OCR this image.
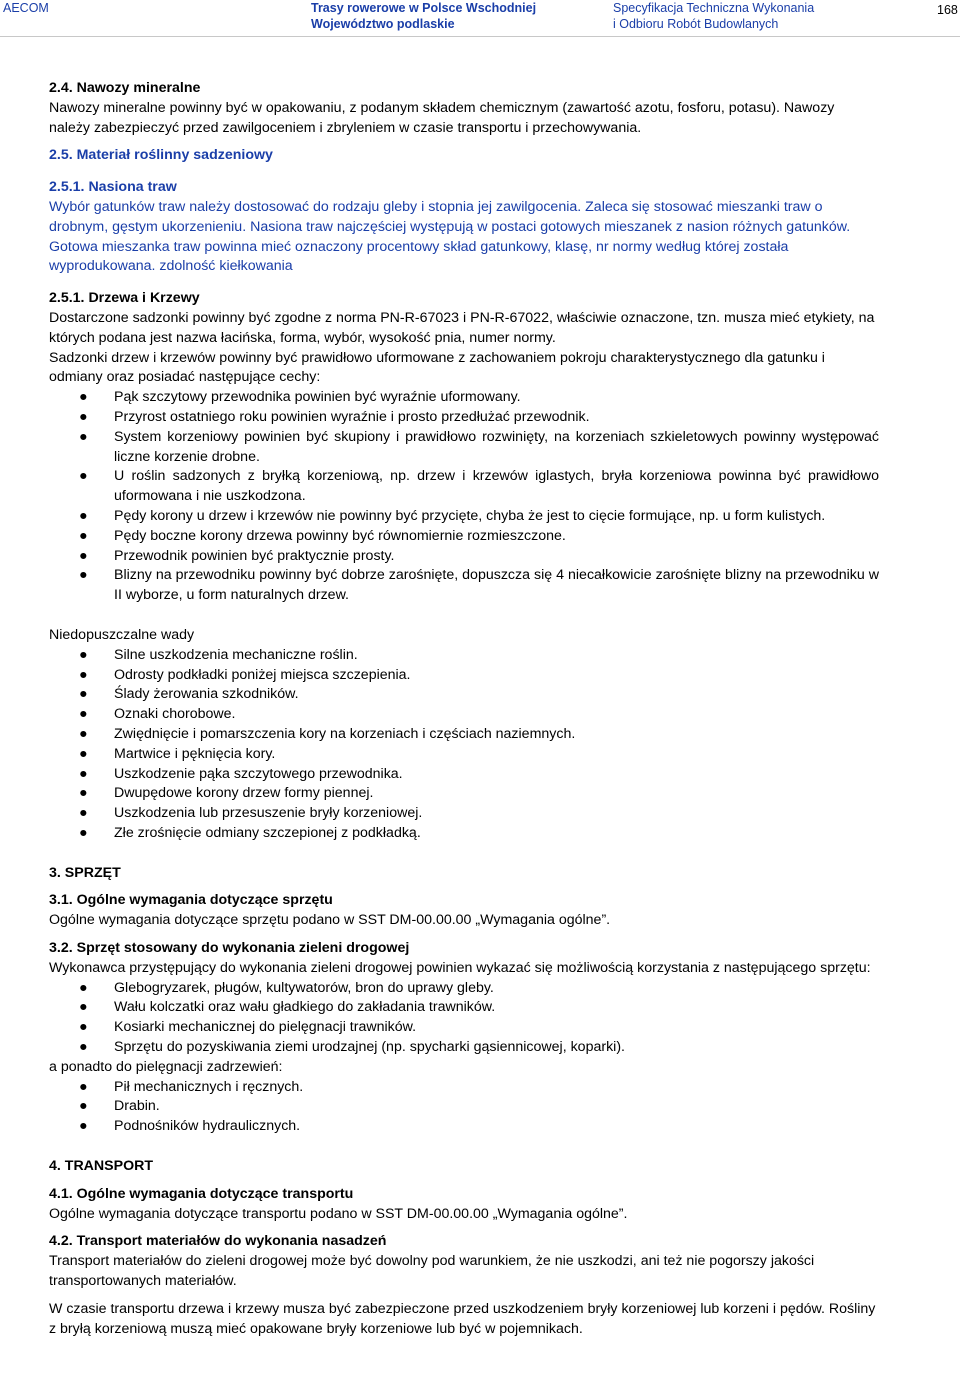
AECOM	Trasy rowerowe w Polsce Wschodniej
Województwo podlaskie
Specyfikacja Techniczna Wykonania
i Odbioru Robót Budowlanych
168

2.4. Nawozy mineralne

Nawozy mineralne powinny być w opakowaniu, z podanym składem chemicznym (zawartość azotu, fosforu, potasu). Nawozy należy zabezpieczyć przed zawilgoceniem i zbryleniem w czasie transportu i przechowywania.

2.5. Materiał roślinny sadzeniowy

2.5.1. Nasiona traw

Wybór gatunków traw należy dostosować do rodzaju gleby i stopnia jej zawilgocenia. Zaleca się stosować mieszanki traw o drobnym, gęstym ukorzenieniu. Nasiona traw najczęściej występują w postaci gotowych mieszanek z nasion różnych gatunków. Gotowa mieszanka traw powinna mieć oznaczony procentowy skład gatunkowy, klasę, nr normy według której została wyprodukowana. zdolność kiełkowania

2.5.1. Drzewa i Krzewy

Dostarczone sadzonki powinny być zgodne z norma PN-R-67023 i PN-R-67022, właściwie oznaczone, tzn. musza mieć etykiety, na których podana jest nazwa łacińska, forma, wybór, wysokość pnia, numer normy.

Sadzonki drzew i krzewów powinny być prawidłowo uformowane z zachowaniem pokroju charakterystycznego dla gatunku i odmiany oraz posiadać następujące cechy:

● Pąk szczytowy przewodnika powinien być wyraźnie uformowany.
● Przyrost ostatniego roku powinien wyraźnie i prosto przedłużać przewodnik.
● System korzeniowy powinien być skupiony i prawidłowo rozwinięty, na korzeniach szkieletowych powinny występować liczne korzenie drobne.
● U roślin sadzonych z bryłką korzeniową, np. drzew i krzewów iglastych, bryła korzeniowa powinna być prawidłowo uformowana i nie uszkodzona.
● Pędy korony u drzew i krzewów nie powinny być przycięte, chyba że jest to cięcie formujące, np. u form kulistych.
● Pędy boczne korony drzewa powinny być równomiernie rozmieszczone.
● Przewodnik powinien być praktycznie prosty.
● Blizny na przewodniku powinny być dobrze zarośnięte, dopuszcza się 4 niecałkowicie zarośnięte blizny na przewodniku w II wyborze, u form naturalnych drzew.

Niedopuszczalne wady

● Silne uszkodzenia mechaniczne roślin.
● Odrosty podkładki poniżej miejsca szczepienia.
● Ślady żerowania szkodników.
● Oznaki chorobowe.
● Zwiędnięcie i pomarszczenia kory na korzeniach i częściach naziemnych.
● Martwice i pęknięcia kory.
● Uszkodzenie pąka szczytowego przewodnika.
● Dwupędowe korony drzew formy piennej.
● Uszkodzenia lub przesuszenie bryły korzeniowej.
● Złe zrośnięcie odmiany szczepionej z podkładką.

3. SPRZĘT

3.1. Ogólne wymagania dotyczące sprzętu

Ogólne wymagania dotyczące sprzętu podano w SST DM-00.00.00 „Wymagania ogólne”.

3.2. Sprzęt stosowany do wykonania zieleni drogowej

Wykonawca przystępujący do wykonania zieleni drogowej powinien wykazać się możliwością korzystania z następującego sprzętu:

● Glebogryzarek, pługów, kultywatorów, bron do uprawy gleby.
● Wału kolczatki oraz wału gładkiego do zakładania trawników.
● Kosiarki mechanicznej do pielęgnacji trawników.
● Sprzętu do pozyskiwania ziemi urodzajnej (np. spycharki gąsiennicowej, koparki).

a ponadto do pielęgnacji zadrzewień:

● Pił mechanicznych i ręcznych.
● Drabin.
● Podnośników hydraulicznych.

4. TRANSPORT

4.1. Ogólne wymagania dotyczące transportu

Ogólne wymagania dotyczące transportu podano w SST DM-00.00.00 „Wymagania ogólne”.

4.2. Transport materiałów do wykonania nasadzeń

Transport materiałów do zieleni drogowej może być dowolny pod warunkiem, że nie uszkodzi, ani też nie pogorszy jakości transportowanych materiałów.

W czasie transportu drzewa i krzewy musza być zabezpieczone przed uszkodzeniem bryły korzeniowej lub korzeni i pędów. Rośliny z bryłą korzeniową muszą mieć opakowane bryły korzeniowe lub być w pojemnikach.
